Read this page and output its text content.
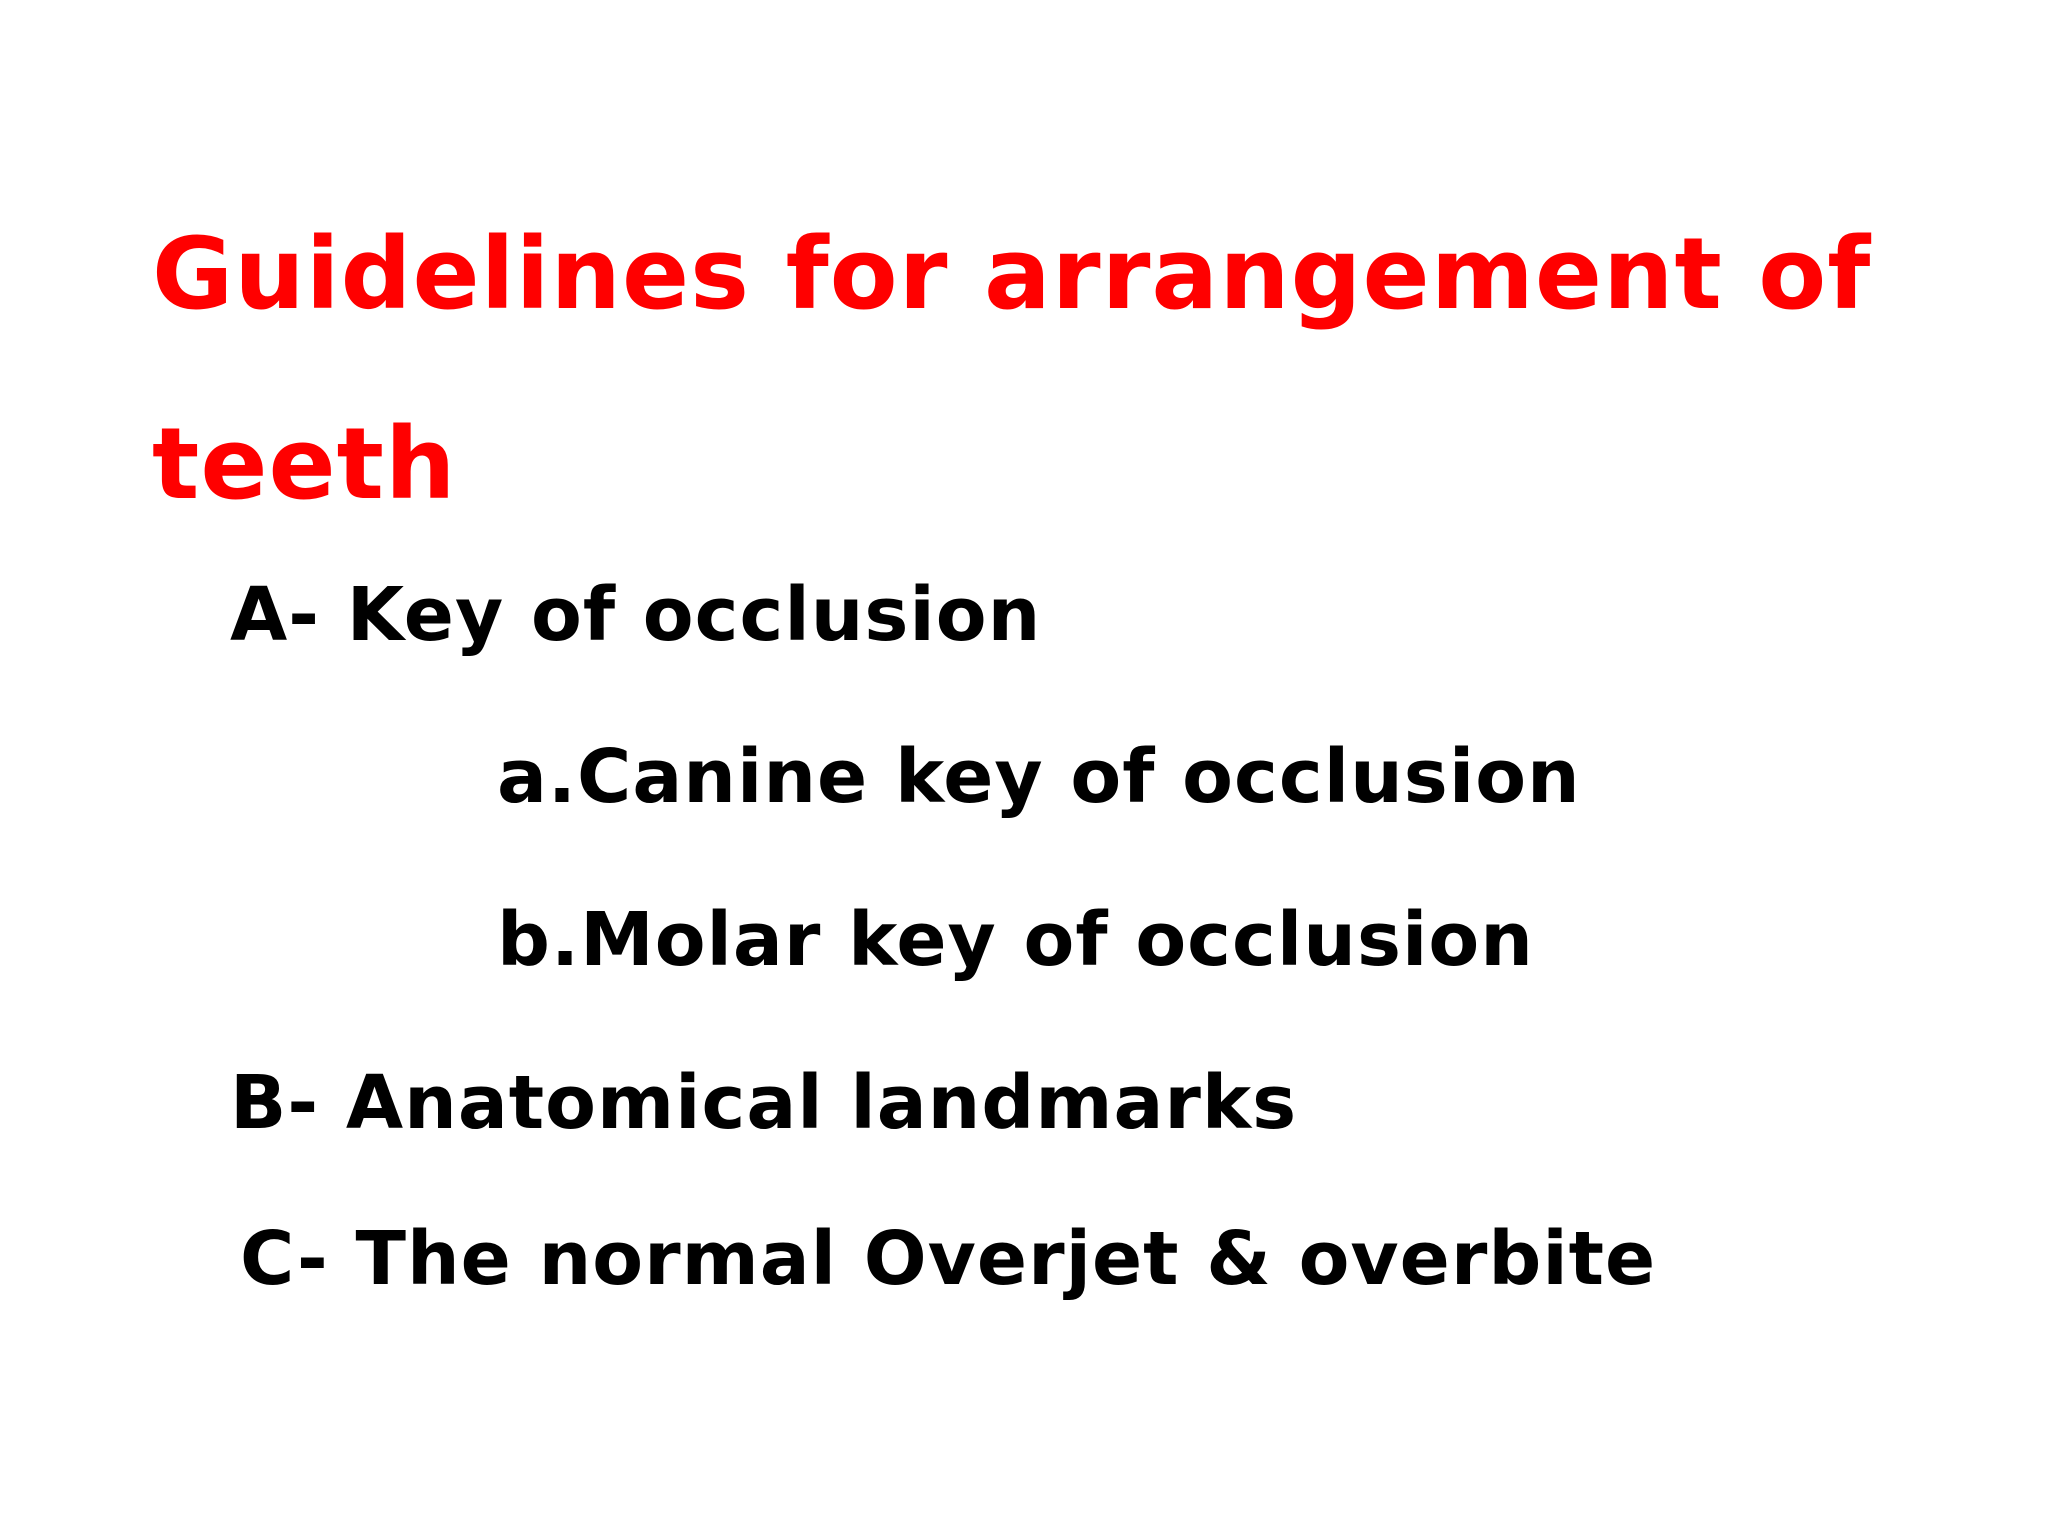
Guidelines for arrangement of teeth

A- Key of occlusion

a.Canine key of occlusion

b.Molar key of occlusion

B- Anatomical landmarks

C- The normal Overjet & overbite
